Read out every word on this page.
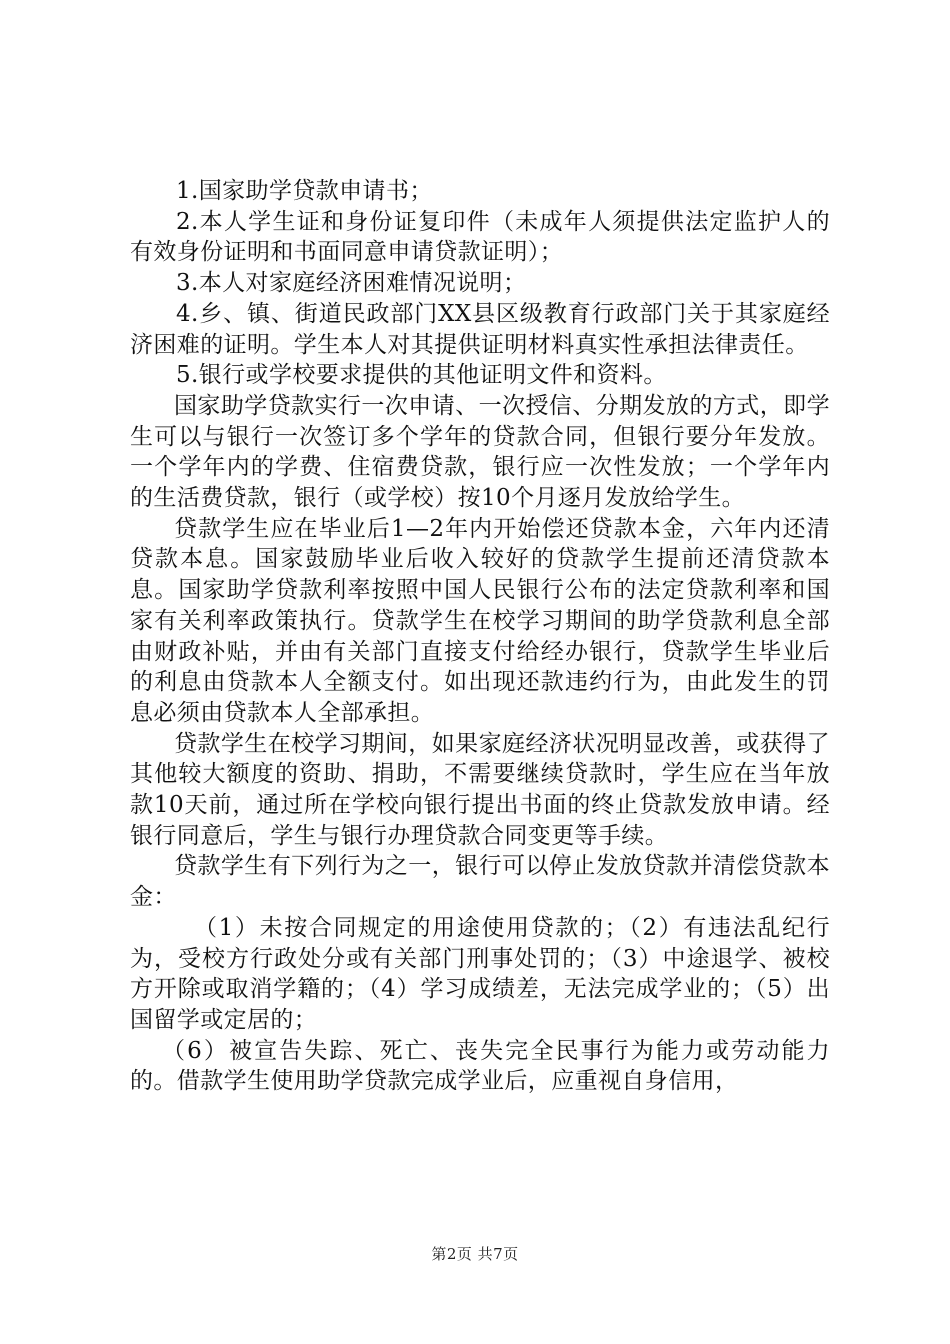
1.国家助学贷款申请书；

2.本人学生证和身份证复印件（未成年人须提供法定监护人的有效身份证明和书面同意申请贷款证明）；

3.本人对家庭经济困难情况说明；

4.乡、镇、街道民政部门XX县区级教育行政部门关于其家庭经济困难的证明。学生本人对其提供证明材料真实性承担法律责任。

5.银行或学校要求提供的其他证明文件和资料。

国家助学贷款实行一次申请、一次授信、分期发放的方式，即学生可以与银行一次签订多个学年的贷款合同，但银行要分年发放。一个学年内的学费、住宿费贷款，银行应一次性发放；一个学年内的生活费贷款，银行（或学校）按10个月逐月发放给学生。

贷款学生应在毕业后1—2年内开始偿还贷款本金，六年内还清贷款本息。国家鼓励毕业后收入较好的贷款学生提前还清贷款本息。国家助学贷款利率按照中国人民银行公布的法定贷款利率和国家有关利率政策执行。贷款学生在校学习期间的助学贷款利息全部由财政补贴，并由有关部门直接支付给经办银行，贷款学生毕业后的利息由贷款本人全额支付。如出现还款违约行为，由此发生的罚息必须由贷款本人全部承担。

贷款学生在校学习期间，如果家庭经济状况明显改善，或获得了其他较大额度的资助、捐助，不需要继续贷款时，学生应在当年放款10天前，通过所在学校向银行提出书面的终止贷款发放申请。经银行同意后，学生与银行办理贷款合同变更等手续。

贷款学生有下列行为之一，银行可以停止发放贷款并清偿贷款本金：

（1）未按合同规定的用途使用贷款的；（2）有违法乱纪行为，受校方行政处分或有关部门刑事处罚的；（3）中途退学、被校方开除或取消学籍的；（4）学习成绩差，无法完成学业的；（5）出国留学或定居的；

（6）被宣告失踪、死亡、丧失完全民事行为能力或劳动能力的。借款学生使用助学贷款完成学业后，应重视自身信用，

第2页 共7页
